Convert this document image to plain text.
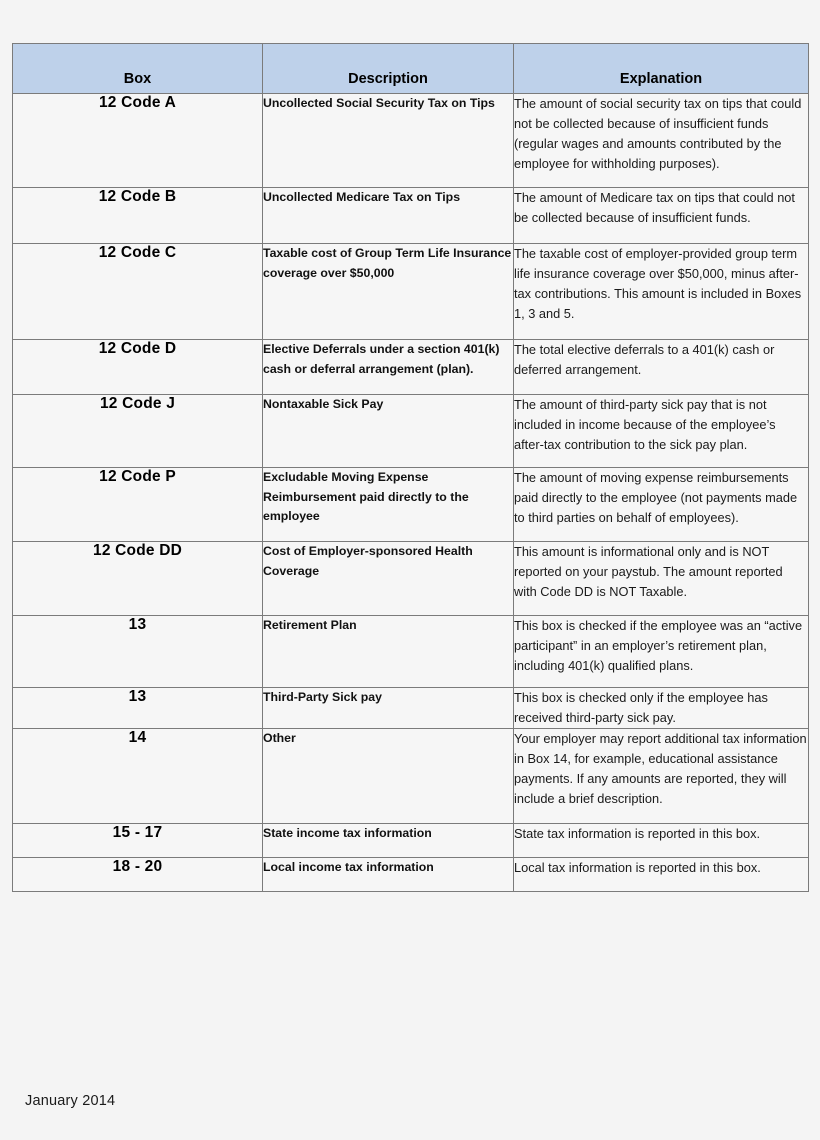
Box	Description	Explanation
12 Code A	Uncollected Social Security Tax on Tips	The amount of social security tax on tips that could not be collected because of insufficient funds (regular wages and amounts contributed by the employee for withholding purposes).
12 Code B	Uncollected Medicare Tax on Tips	The amount of Medicare tax on tips that could not be collected because of insufficient funds.
12 Code C	Taxable cost of Group Term Life Insurance coverage over $50,000	The taxable cost of employer-provided group term life insurance coverage over $50,000, minus after-tax contributions. This amount is included in Boxes 1, 3 and 5.
12 Code D	Elective Deferrals under a section 401(k) cash or deferral arrangement (plan).	The total elective deferrals to a 401(k) cash or deferred arrangement.
12 Code J	Nontaxable Sick Pay	The amount of third-party sick pay that is not included in income because of the employee’s after-tax contribution to the sick pay plan.
12 Code P	Excludable Moving Expense Reimbursement paid directly to the employee	The amount of moving expense reimbursements paid directly to the employee (not payments made to third parties on behalf of employees).
12 Code DD	Cost of Employer-sponsored Health Coverage	This amount is informational only and is NOT reported on your paystub. The amount reported with Code DD is NOT Taxable.
13	Retirement Plan	This box is checked if the employee was an “active participant” in an employer’s retirement plan, including 401(k) qualified plans.
13	Third-Party Sick pay	This box is checked only if the employee has received third-party sick pay.
14	Other	Your employer may report additional tax information in Box 14, for example, educational assistance payments. If any amounts are reported, they will include a brief description.
15 - 17	State income tax information	State tax information is reported in this box.
18 - 20	Local income tax information	Local tax information is reported in this box.
January 2014
